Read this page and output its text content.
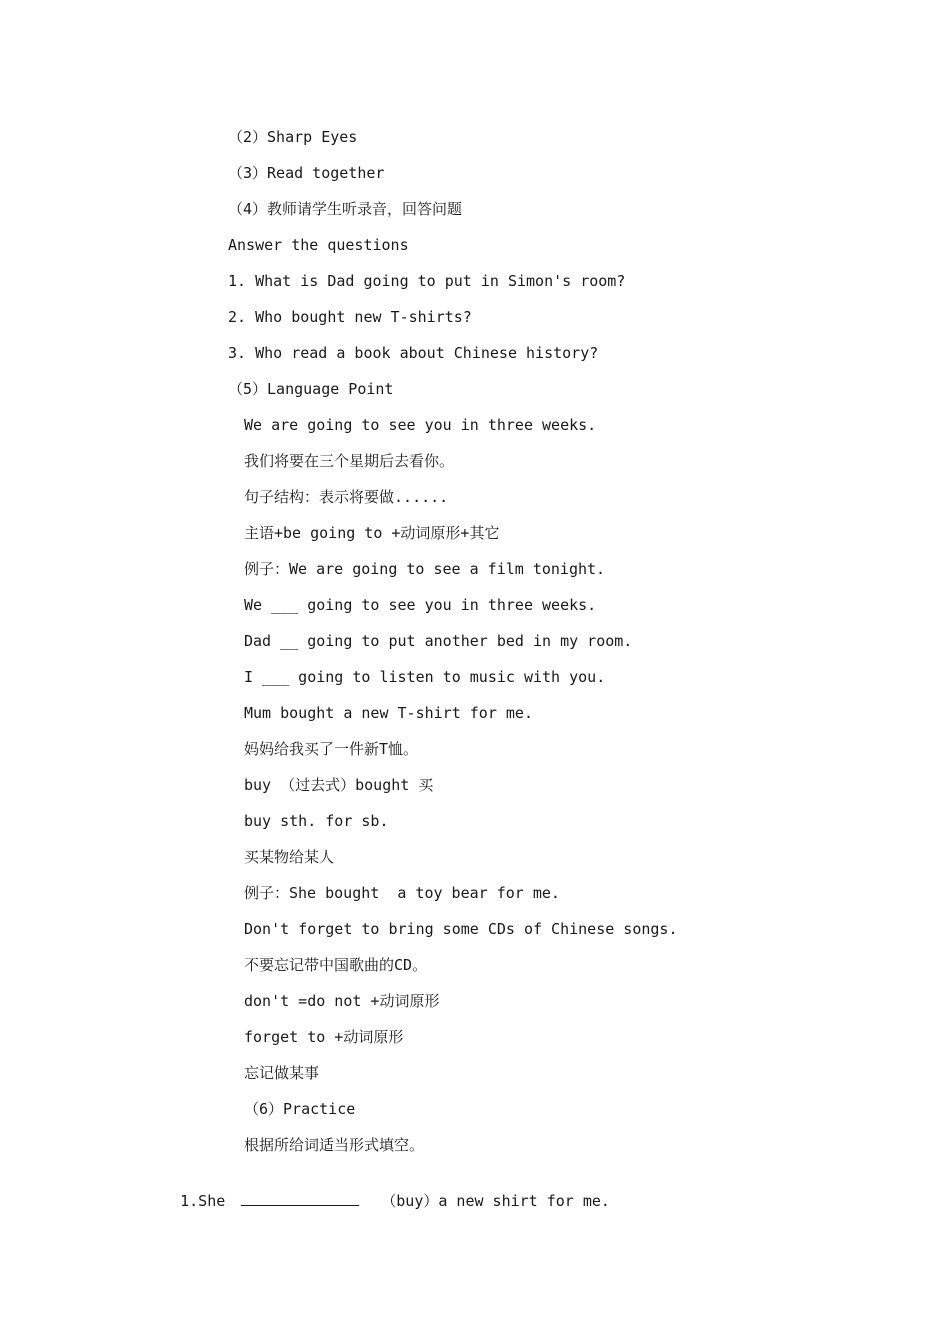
（2）Sharp Eyes
（3）Read together
（4）教师请学生听录音，回答问题
Answer the questions
1. What is Dad going to put in Simon's room?
2. Who bought new T-shirts?
3. Who read a book about Chinese history?
（5）Language Point
We are going to see you in three weeks.
我们将要在三个星期后去看你。
句子结构：表示将要做......
主语+be going to +动词原形+其它
例子：We are going to see a film tonight.
We ___ going to see you in three weeks.
Dad __ going to put another bed in my room.
I ___ going to listen to music with you.
Mum bought a new T-shirt for me.
妈妈给我买了一件新T恤。
buy （过去式）bought 买
buy sth. for sb.
买某物给某人
例子：She bought  a toy bear for me.
Don't forget to bring some CDs of Chinese songs.
不要忘记带中国歌曲的CD。
don't =do not +动词原形
forget to +动词原形
忘记做某事
（6）Practice
根据所给词适当形式填空。

1.She	（buy）a new shirt for me.
